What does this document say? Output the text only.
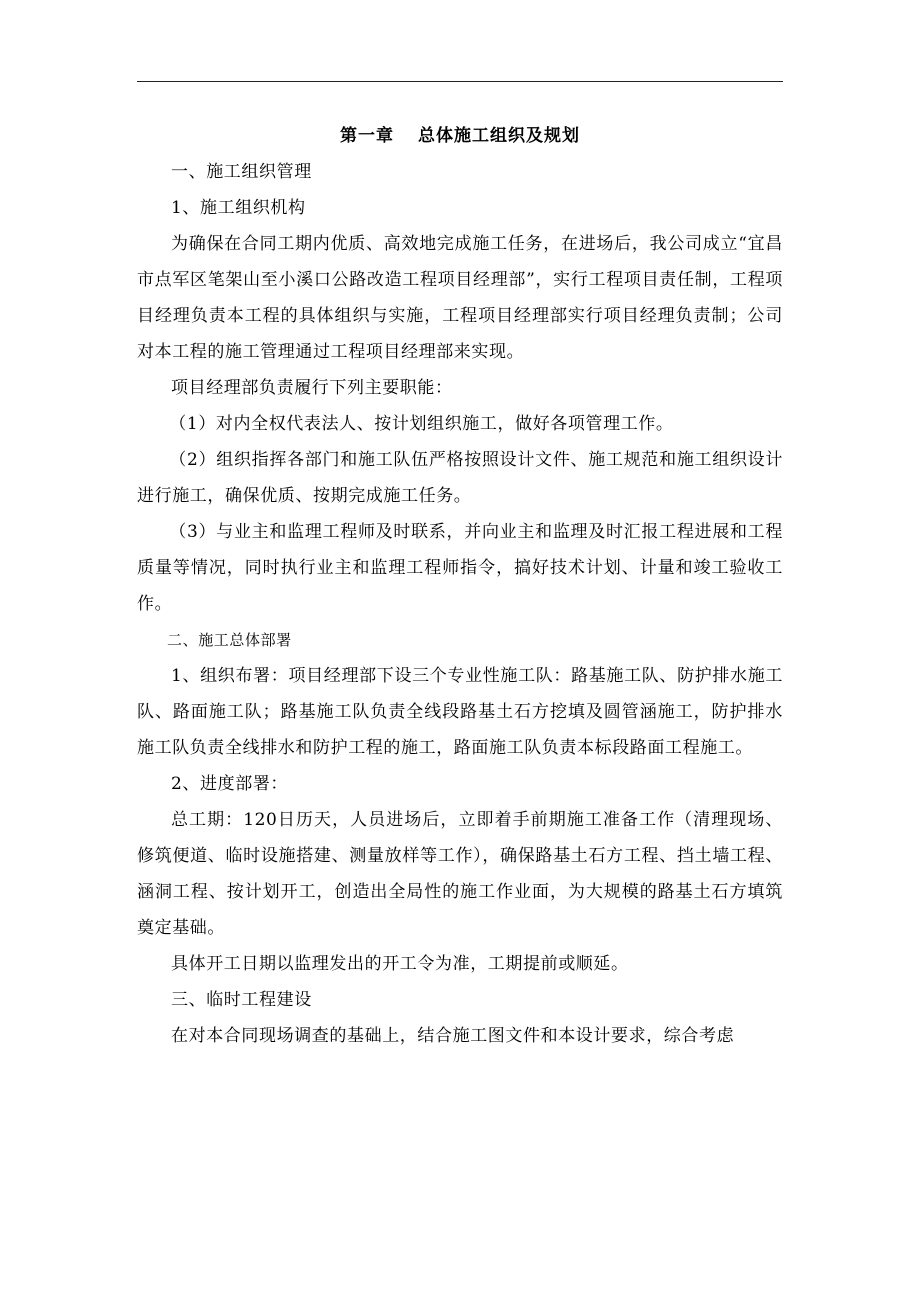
第一章 总体施工组织及规划

一、施工组织管理

1、施工组织机构

为确保在合同工期内优质、高效地完成施工任务，在进场后，我公司成立“宜昌市点军区笔架山至小溪口公路改造工程项目经理部”，实行工程项目责任制，工程项目经理负责本工程的具体组织与实施，工程项目经理部实行项目经理负责制；公司对本工程的施工管理通过工程项目经理部来实现。

项目经理部负责履行下列主要职能：

（1）对内全权代表法人、按计划组织施工，做好各项管理工作。

（2）组织指挥各部门和施工队伍严格按照设计文件、施工规范和施工组织设计进行施工，确保优质、按期完成施工任务。

（3）与业主和监理工程师及时联系，并向业主和监理及时汇报工程进展和工程质量等情况，同时执行业主和监理工程师指令，搞好技术计划、计量和竣工验收工作。

二、施工总体部署

1、组织布署：项目经理部下设三个专业性施工队：路基施工队、防护排水施工队、路面施工队；路基施工队负责全线段路基土石方挖填及圆管涵施工，防护排水施工队负责全线排水和防护工程的施工，路面施工队负责本标段路面工程施工。

2、进度部署：

总工期：120日历天，人员进场后，立即着手前期施工准备工作（清理现场、修筑便道、临时设施搭建、测量放样等工作），确保路基土石方工程、挡土墙工程、涵洞工程、按计划开工，创造出全局性的施工作业面，为大规模的路基土石方填筑奠定基础。

具体开工日期以监理发出的开工令为准，工期提前或顺延。

三、临时工程建设

在对本合同现场调查的基础上，结合施工图文件和本设计要求，综合考虑
